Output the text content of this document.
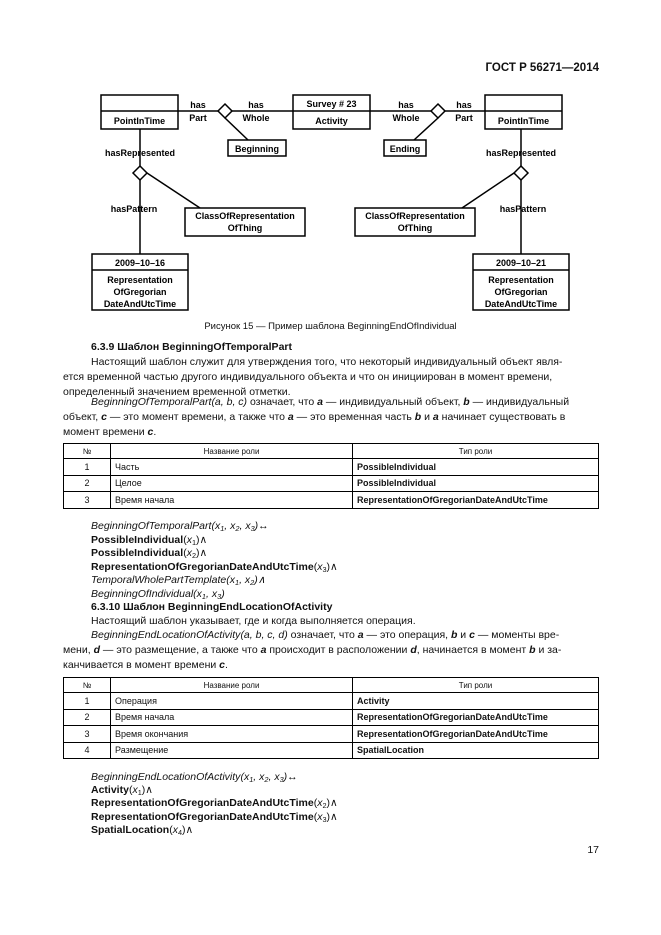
ГОСТ Р 56271—2014
PointInTime
Survey # 23
Activity	PointInTime
Beginning	Ending
ClassOfRepresentation
OfThing
ClassOfRepresentation
OfThing
2009–10–16
Representation
OfGregorian
DateAndUtcTime
2009–10–21
Representation
OfGregorian
DateAndUtcTime
has
Part
has
Whole
has
Whole
has
Part
hasRepresented	hasRepresented
hasPattern	hasPattern
Рисунок 15 — Пример шаблона BeginningEndOfIndividual
6.3.9 Шаблон BeginningOfTemporalPart
Настоящий шаблон служит для утверждения того, что некоторый индивидуальный объект явля-
ется временной частью другого индивидуального объекта и что он инициирован в момент времени,
определенный значением временной отметки.
BeginningOfTemporalPart(a, b, c) означает, что a — индивидуальный объект, b — индивидуальный
объект, c — это момент времени, а также что a — это временная часть b и a начинает существовать в
момент времени c.
№	Название роли	Тип роли
1	Часть	PossibleIndividual
2	Целое	PossibleIndividual
3	Время начала	RepresentationOfGregorianDateAndUtcTime
$BeginningOfTemporalPart(x_1$, $x_2$, $x_3)\leftrightarrow$
$PossibleIndividual(x_1)\wedge$
$PossibleIndividual(x_2)\wedge$
$RepresentationOfGregorianDateAndUtcTime(x_3)\wedge$
$TemporalWholePartTemplate(x_1$, $x_2)\wedge$
$BeginningOfIndividual(x_1$, $x_3$)
6.3.10 Шаблон BeginningEndLocationOfActivity
Настоящий шаблон указывает, где и когда выполняется операция.
BeginningEndLocationOfActivity(a, b, c, d) означает, что a — это операция, b и c — моменты вре-
мени, d — это размещение, а также что a происходит в расположении d, начинается в момент b и за-
канчивается в момент времени c.
№	Название роли	Тип роли
1	Операция	Activity
2	Время начала	RepresentationOfGregorianDateAndUtcTime
3	Время окончания	RepresentationOfGregorianDateAndUtcTime
4	Размещение	SpatialLocation
$BeginningEndLocationOfActivity(x_1$, $x_2$, $x_3)\leftrightarrow$
$Activity(x_1)\wedge$
$RepresentationOfGregorianDateAndUtcTime(x_2)\wedge$
$RepresentationOfGregorianDateAndUtcTime(x_3)\wedge$
$SpatialLocation(x_4)\wedge$
17
